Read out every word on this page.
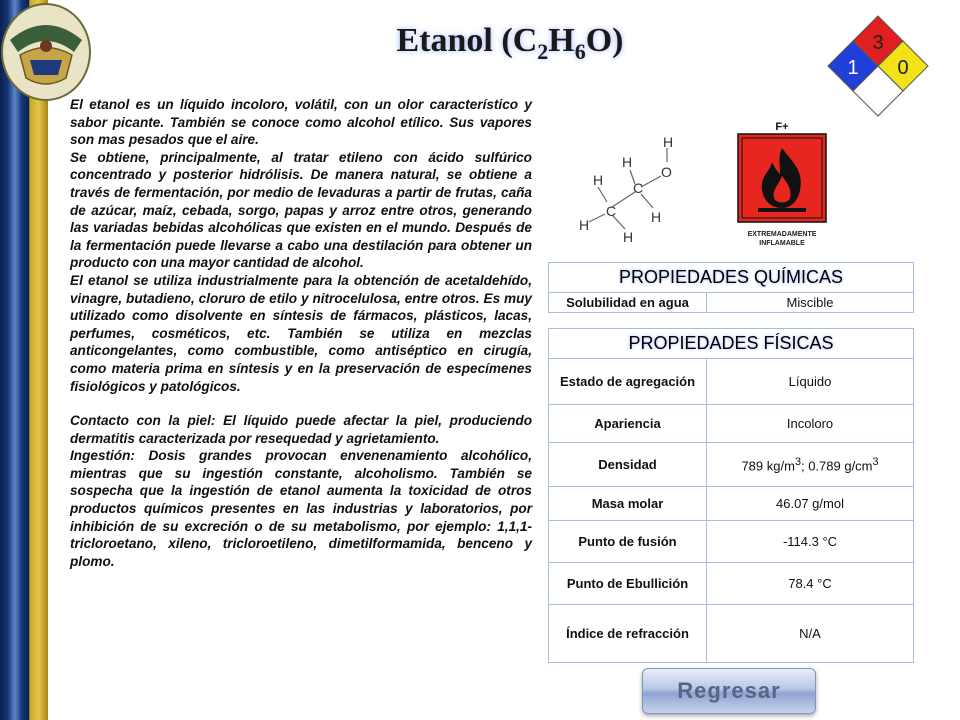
Etanol $(C_2H_6O)$	3
1 0
H
H
H C
C
O
H
H
H
F+
EXTREMADAMENTE
INFLAMABLE

El etanol es un líquido incoloro, volátil, con un olor característico y sabor picante. También se conoce como alcohol etílico. Sus vapores son mas pesados que el aire.

Se obtiene, principalmente, al tratar etileno con ácido sulfúrico concentrado y posterior hidrólisis. De manera natural, se obtiene a través de fermentación, por medio de levaduras a partir de frutas, caña de azúcar, maíz, cebada, sorgo, papas y arroz entre otros, generando las variadas bebidas alcohólicas que existen en el mundo. Después de la fermentación puede llevarse a cabo una destilación para obtener un producto con una mayor cantidad de alcohol.

El etanol se utiliza industrialmente para la obtención de acetaldehído, vinagre, butadieno, cloruro de etilo y nitrocelulosa, entre otros. Es muy utilizado como disolvente en síntesis de fármacos, plásticos, lacas, perfumes, cosméticos, etc. También se utiliza en mezclas anticongelantes, como combustible, como antiséptico en cirugía, como materia prima en síntesis y en la preservación de especímenes fisiológicos y patológicos.

Contacto con la piel: El líquido puede afectar la piel, produciendo dermatitis caracterizada por resequedad y agrietamiento.

Ingestión: Dosis grandes provocan envenenamiento alcohólico, mientras que su ingestión constante, alcoholismo. También se sospecha que la ingestión de etanol aumenta la toxicidad de otros productos químicos presentes en las industrias y laboratorios, por inhibición de su excreción o de su metabolismo, por ejemplo: 1,1,1-tricloroetano, xileno, tricloroetileno, dimetilformamida, benceno y plomo.

PROPIEDADES QUÍMICAS
Solubilidad en agua	Miscible
PROPIEDADES FÍSICAS	
Estado de agregación	Líquido
Apariencia	Incoloro
Densidad	789 $kg/m^3$; 0.789 $g/cm^3$
Masa molar	46.07 g/mol
Punto de fusión	-114.3 °C
Punto de Ebullición	78.4 °C
Índice de refracción	N/A
Regresar
